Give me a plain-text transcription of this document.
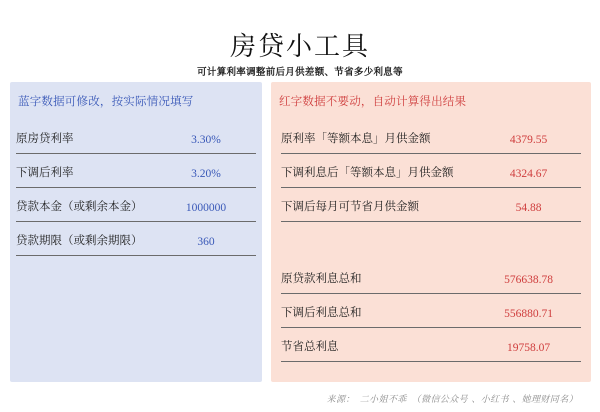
房贷小工具
可计算利率调整前后月供差额、节省多少利息等
蓝字数据可修改，按实际情况填写
原房贷利率	3.30%
下调后利率	3.20%
贷款本金（或剩余本金）	1000000
贷款期限（或剩余期限）	360
红字数据不要动，自动计算得出结果
原利率「等额本息」月供金额	4379.55
下调利息后「等额本息」月供金额	4324.67
下调后每月可节省月供金额	54.88
原贷款利息总和	576638.78
下调后利息总和	556880.71
节省总利息	19758.07
来源：　二小姐不乖　（微信公众号 、小红书 、她理财同名）
